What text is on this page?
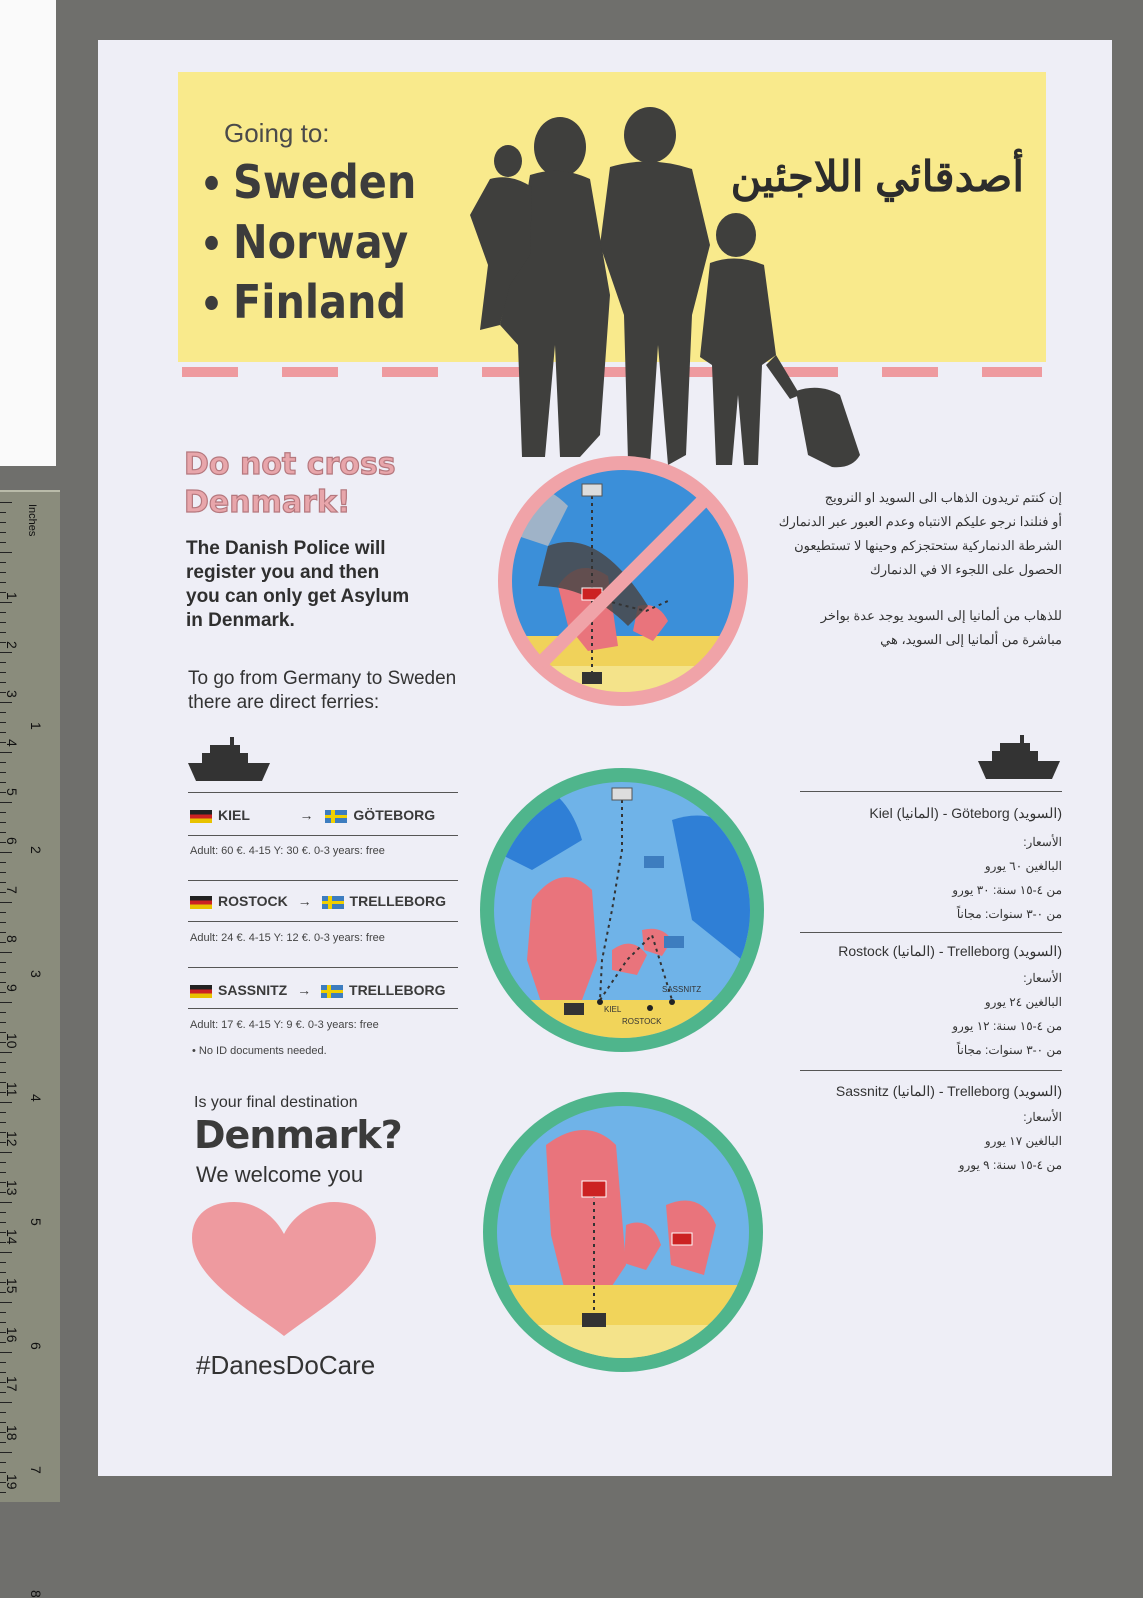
Inches
1
2
3
4
5
6
7
8
9
10
11
12
13
14
15
16
17
18
19
1
2
3
4
5
6
7
8
Going to:
• Sweden
• Norway
• Finland
أصدقائي اللاجئين
Do not cross
Denmark!
The Danish Police will
register you and then
you can only get Asylum
in Denmark.
To go from Germany to Sweden
there are direct ferries:
KIEL	→	GÖTEBORG
Adult: 60 €. 4-15 Y: 30 €. 0-3 years: free
ROSTOCK →	TRELLEBORG
Adult: 24 €. 4-15 Y: 12 €. 0-3 years: free
SASSNITZ →	TRELLEBORG
Adult: 17 €. 4-15 Y: 9 €. 0-3 years: free
• No ID documents needed.
Is your final destination
Denmark?
We welcome you
#DanesDoCare
KIEL
ROSTOCK
SASSNITZ
إن كنتم تريدون الذهاب الى السويد او النرويج
أو فنلندا نرجو عليكم الانتباه وعدم العبور عبر الدنمارك
الشرطة الدنماركية ستحتجزكم وحينها لا تستطيعون
الحصول على اللجوء الا في الدنمارك
للذهاب من ألمانيا إلى السويد يوجد عدة بواخر
مباشرة من ألمانيا إلى السويد، هي
Kiel (المانيا) - Göteborg (السويد)
الأسعار:
البالغين ٦٠ يورو
من ٤-١٥ سنة: ٣٠ يورو
من ٠-٣ سنوات: مجاناً
Rostock (المانيا) - Trelleborg (السويد)
الأسعار:
البالغين ٢٤ يورو
من ٤-١٥ سنة: ١٢ يورو
من ٠-٣ سنوات: مجاناً
Sassnitz (المانيا) - Trelleborg (السويد)
الأسعار:
البالغين ١٧ يورو
من ٤-١٥ سنة: ٩ يورو
